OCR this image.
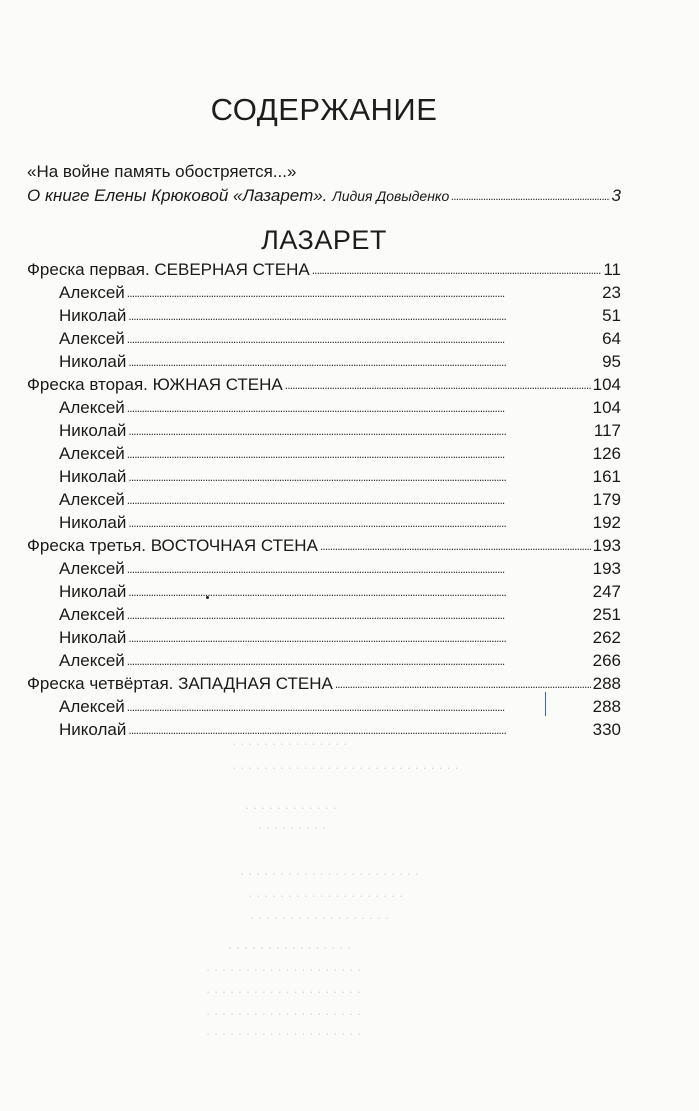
· · · · · · · · · · · · · · ·
· · · · · · · · · · · · · · · · · · · · · · · · · · · · ·
· · · · · · · · · · · ·
· · · · · · · · ·
· · · · · · · · · · · · · · · · · · · · · · ·
· · · · · · · · · · · · · · · · · · · ·
· · · · · · · · · · · · · · · · · ·
· · · · · · · · · · · · · · · ·
· · · · · · · · · · · · · · · · · · · ·
· · · · · · · · · · · · · · · · · · · ·
· · · · · · · · · · · · · · · · · · · ·
· · · · · · · · · · · · · · · · · · · ·
СОДЕРЖАНИЕ
«На войне память обостряется...»
О книге Елены Крюковой «Лазарет». Лидия Довыденко . . .	3
ЛАЗАРЕТ
Фреска первая. СЕВЕРНАЯ СТЕНА . . .	11
Алексей . . .	23
Николай . . .	51
Алексей . . .	64
Николай . . .	95
Фреска вторая. ЮЖНАЯ СТЕНА . . .	104
Алексей . . .	104
Николай . . .	117
Алексей . . .	126
Николай . . .	161
Алексей . . .	179
Николай . . .	192
Фреска третья. ВОСТОЧНАЯ СТЕНА . . .	193
Алексей . . .	193
Николай . . .	247
Алексей . . .	251
Николай . . .	262
Алексей . . .	266
Фреска четвёртая. ЗАПАДНАЯ СТЕНА . . .	288
Алексей . . .	288
Николай . . .	330
